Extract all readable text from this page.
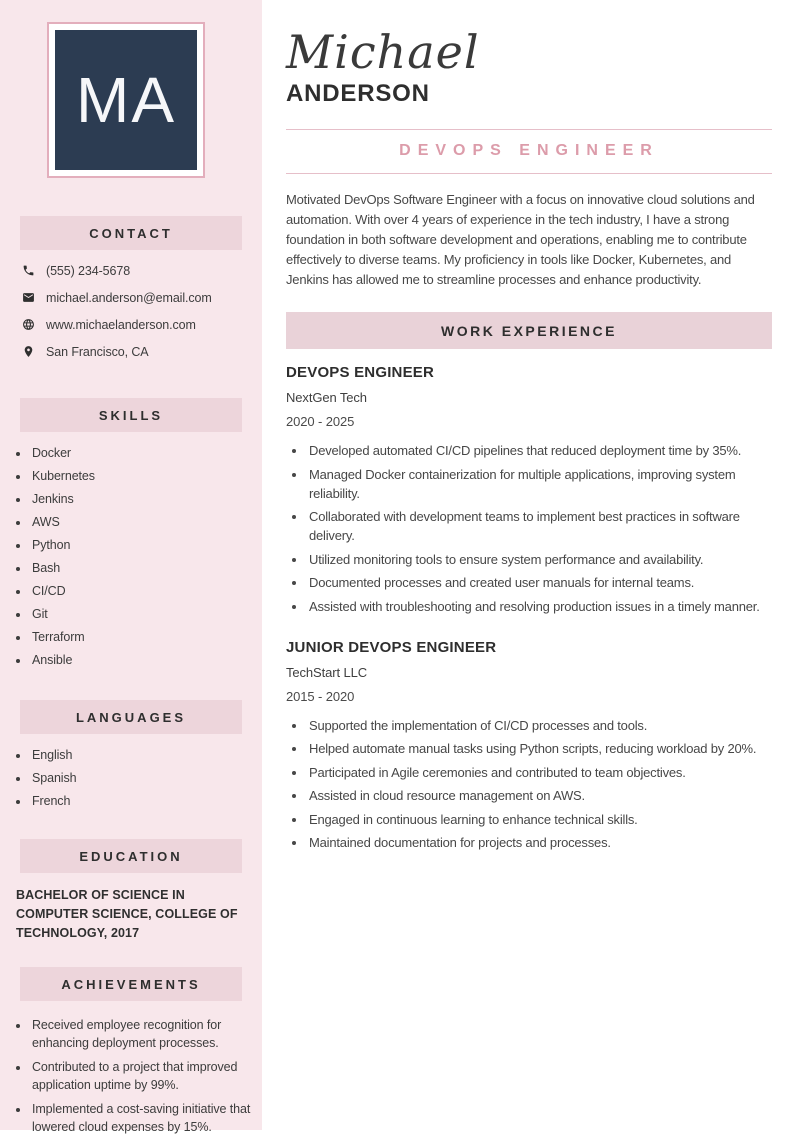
MA
CONTACT
(555) 234-5678
michael.anderson@email.com
www.michaelanderson.com
San Francisco, CA
SKILLS
• Docker
• Kubernetes
• Jenkins
• AWS
• Python
• Bash
• CI/CD
• Git
• Terraform
• Ansible
LANGUAGES
• English
• Spanish
• French
EDUCATION
BACHELOR OF SCIENCE IN COMPUTER SCIENCE, COLLEGE OF TECHNOLOGY, 2017
ACHIEVEMENTS
• Received employee recognition for enhancing deployment processes.
• Contributed to a project that improved application uptime by 99%.
• Implemented a cost-saving initiative that lowered cloud expenses by 15%.
Michael
ANDERSON
DEVOPS ENGINEER

Motivated DevOps Software Engineer with a focus on innovative cloud solutions and automation. With over 4 years of experience in the tech industry, I have a strong foundation in both software development and operations, enabling me to contribute effectively to diverse teams. My proficiency in tools like Docker, Kubernetes, and Jenkins has allowed me to streamline processes and enhance productivity.

WORK EXPERIENCE
DEVOPS ENGINEER
NextGen Tech
2020 - 2025
• Developed automated CI/CD pipelines that reduced deployment time by 35%.
• Managed Docker containerization for multiple applications, improving system reliability.
• Collaborated with development teams to implement best practices in software delivery.
• Utilized monitoring tools to ensure system performance and availability.
• Documented processes and created user manuals for internal teams.
• Assisted with troubleshooting and resolving production issues in a timely manner.
JUNIOR DEVOPS ENGINEER
TechStart LLC
2015 - 2020
• Supported the implementation of CI/CD processes and tools.
• Helped automate manual tasks using Python scripts, reducing workload by 20%.
• Participated in Agile ceremonies and contributed to team objectives.
• Assisted in cloud resource management on AWS.
• Engaged in continuous learning to enhance technical skills.
• Maintained documentation for projects and processes.
